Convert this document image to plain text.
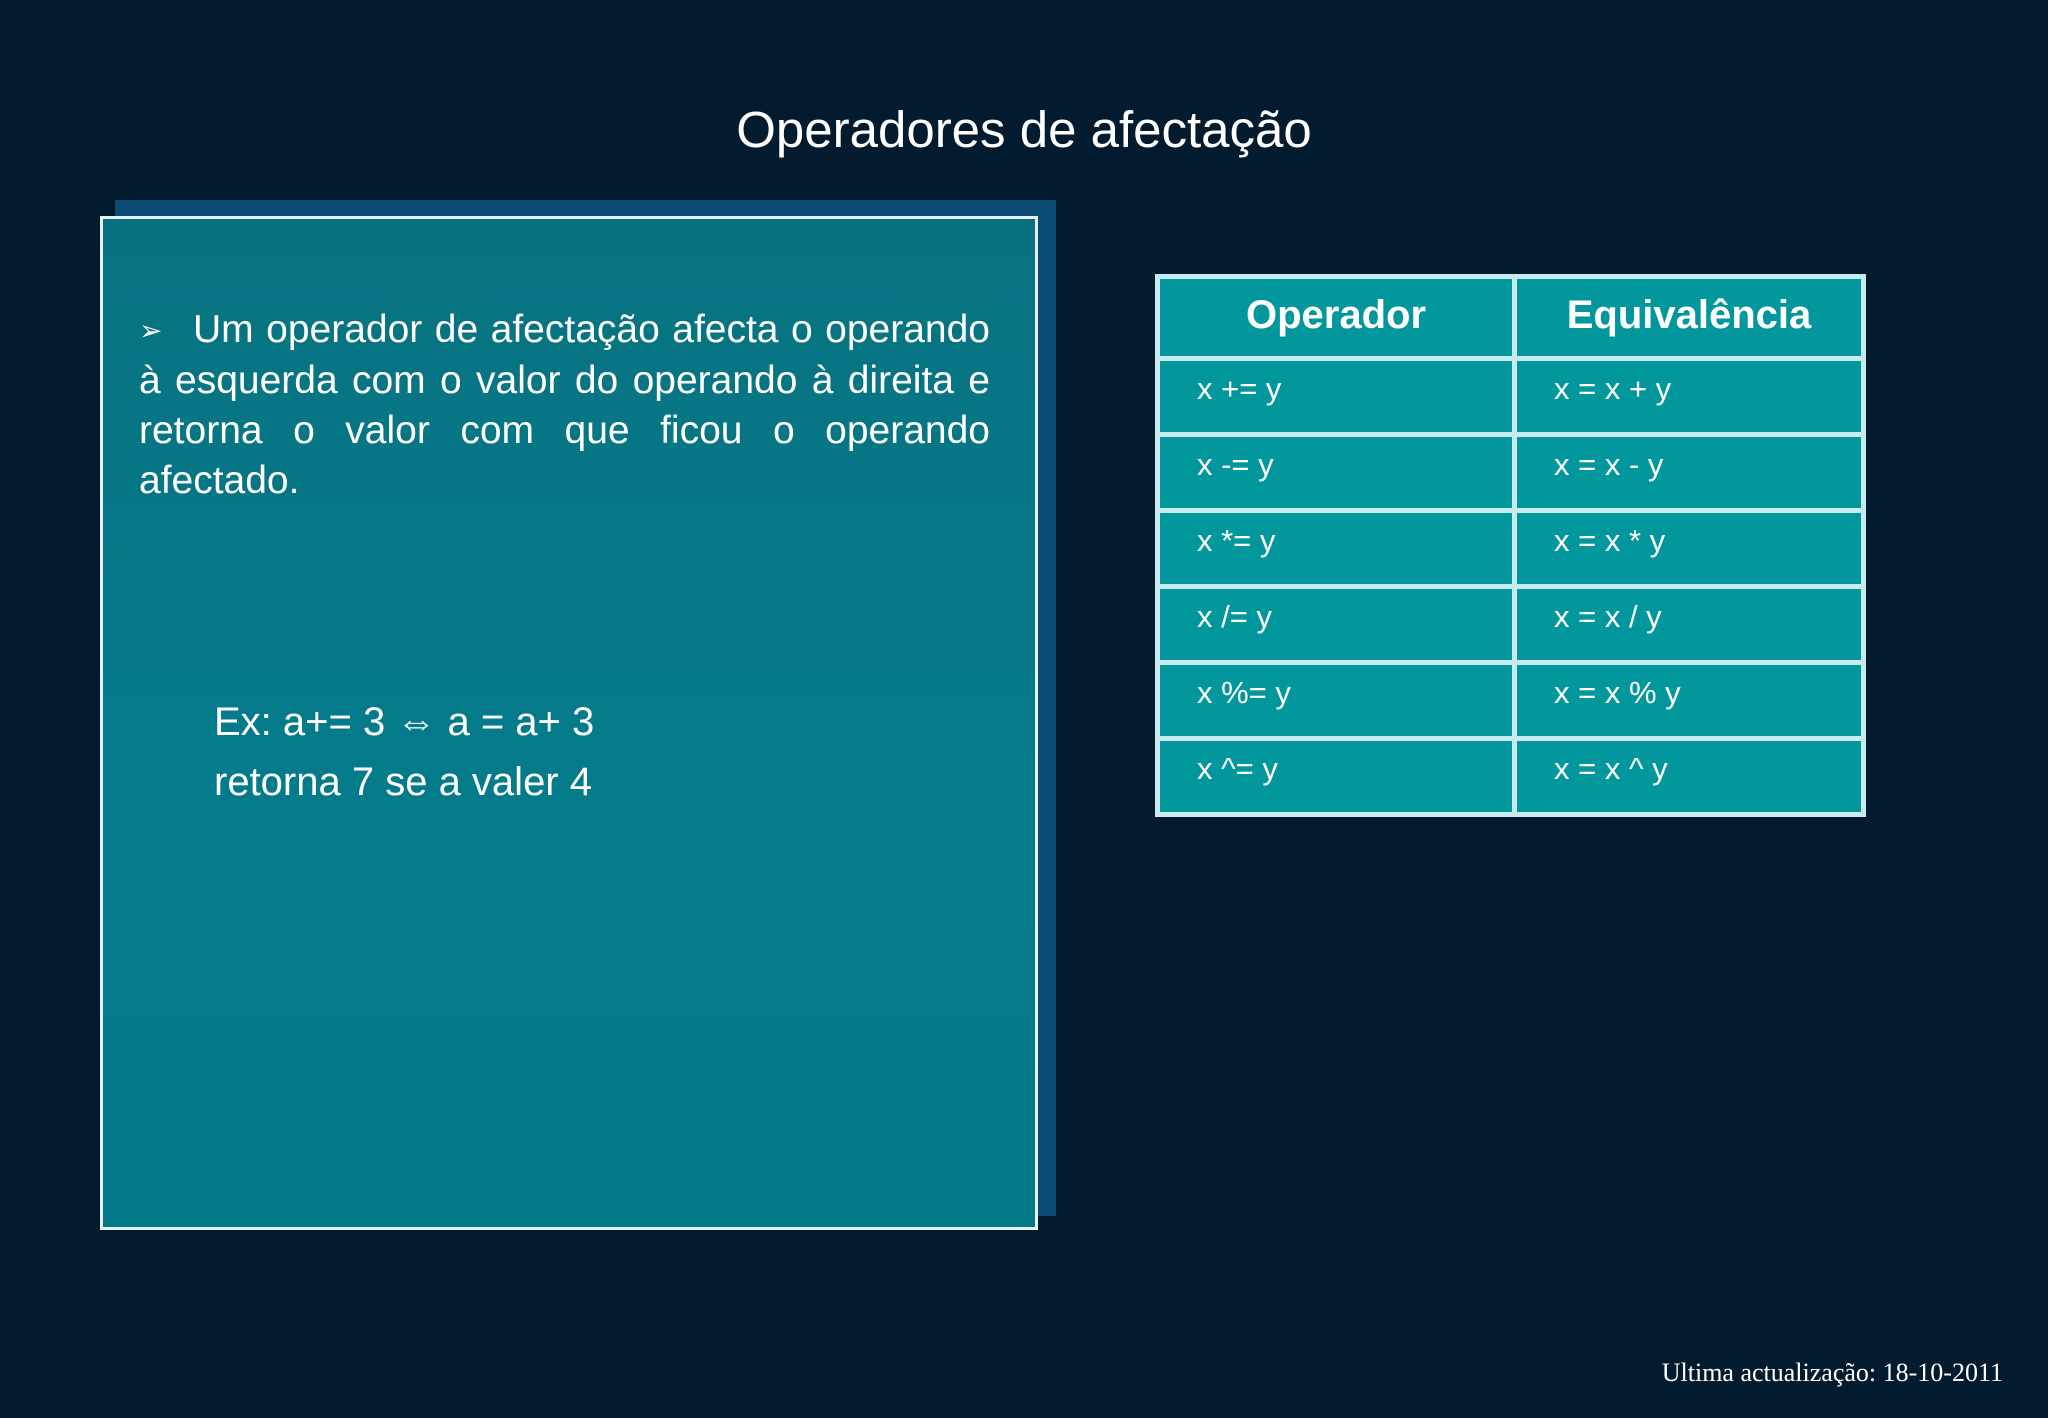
Operadores de afectação

➢ Um operador de afectação afecta o operando à esquerda com o valor do operando à direita e retorna o valor com que ficou o operando afectado.

Ex: a+= 3 ⇔ a = a+ 3
retorna 7 se a valer 4
Operador	Equivalência
x += y	x = x + y
x -= y	x = x - y
x *= y	x = x * y
x /= y	x = x / y
x %= y	x = x % y
x ^= y	x = x ^ y
Ultima actualização: 18-10-2011
